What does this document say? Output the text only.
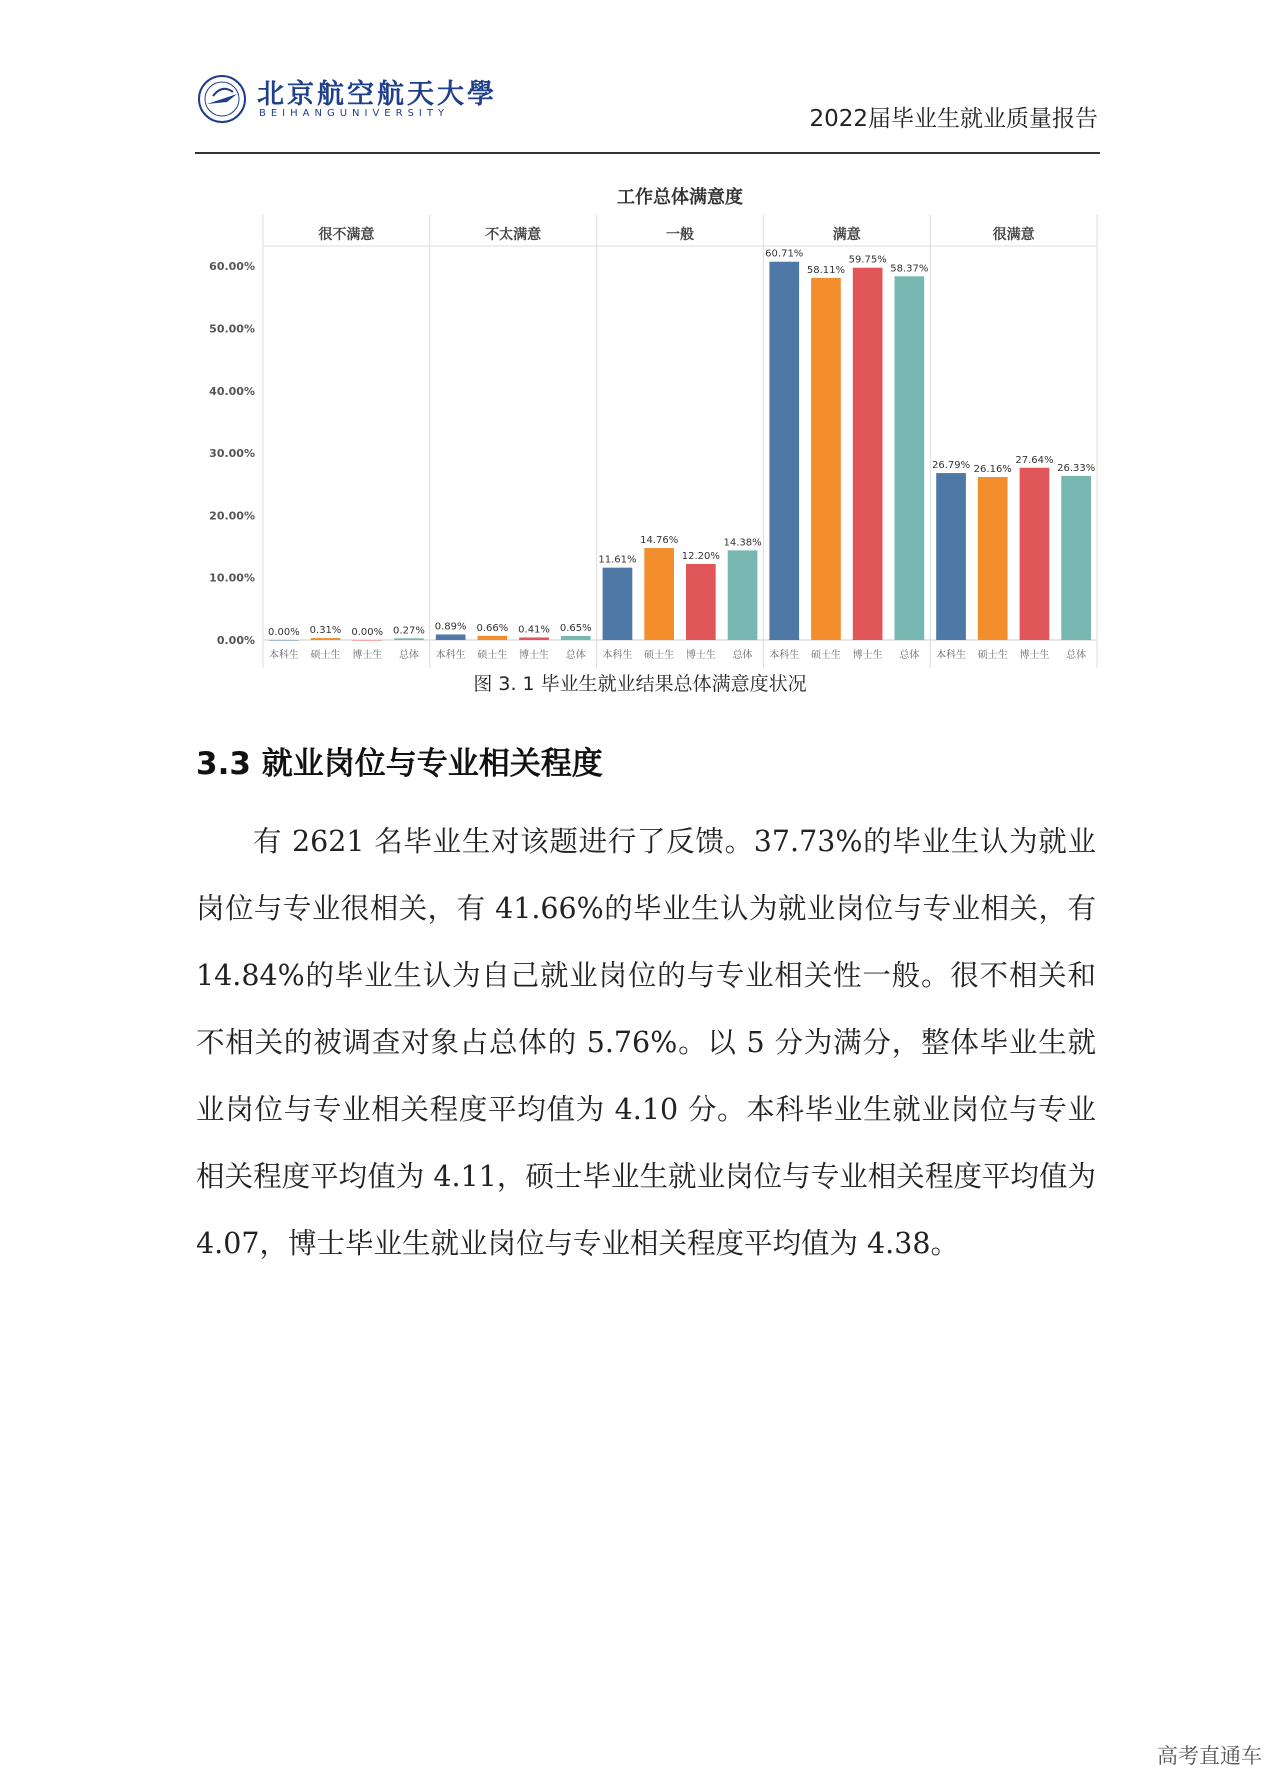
北京航空航天大學
BEIHANGUNIVERSITY	2022届毕业生就业质量报告
工作总体满意度
0.00%
10.00%
20.00%
30.00%
40.00%
50.00%
60.00%
很不满意
0.00%
本科生
0.31%
硕士生
0.00%
博士生
0.27%
总体
不太满意
0.89%
本科生
0.66%
硕士生
0.41%
博士生
0.65%
总体
一般
11.61%
本科生
14.76%
硕士生
12.20%
博士生
14.38%
总体
满意
60.71%
本科生
58.11%
硕士生
59.75%
博士生
58.37%
总体
很满意
26.79%
本科生
26.16%
硕士生
27.64%
博士生
26.33%
总体
图 3. 1 毕业生就业结果总体满意度状况
3.3 就业岗位与专业相关程度

有 2621 名毕业生对该题进行了反馈。37.73%的毕业生认为就业岗位与专业很相关，有 41.66%的毕业生认为就业岗位与专业相关，有 14.84%的毕业生认为自己就业岗位的与专业相关性一般。很不相关和不相关的被调查对象占总体的 5.76%。以 5 分为满分，整体毕业生就业岗位与专业相关程度平均值为 4.10 分。本科毕业生就业岗位与专业相关程度平均值为 4.11，硕士毕业生就业岗位与专业相关程度平均值为 4.07，博士毕业生就业岗位与专业相关程度平均值为 4.38。

高考直通车
